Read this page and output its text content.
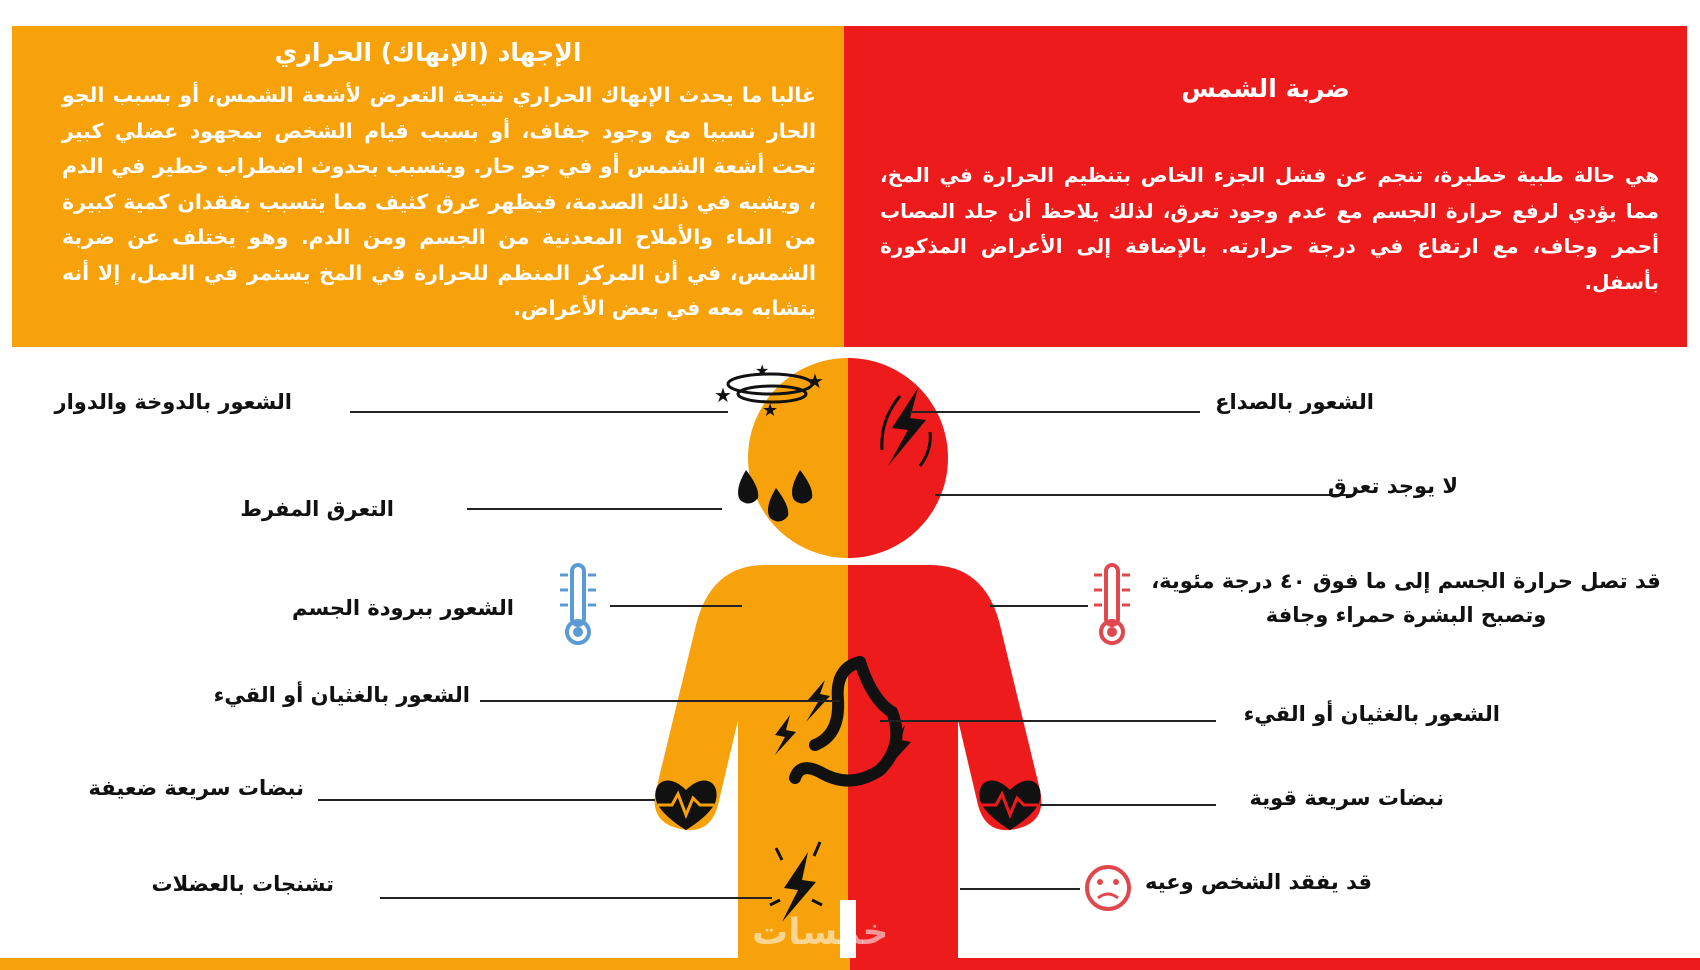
الإجهاد (الإنهاك) الحراري
غالبا ما يحدث الإنهاك الحراري نتيجة التعرض لأشعة الشمس، أو بسبب الجو الحار نسبيا مع وجود جفاف، أو بسبب قيام الشخص بمجهود عضلي كبير تحت أشعة الشمس أو في جو حار. ويتسبب بحدوث اضطراب خطير في الدم ، ويشبه في ذلك الصدمة، فيظهر عرق كثيف مما يتسبب بفقدان كمية كبيرة من الماء والأملاح المعدنية من الجسم ومن الدم. وهو يختلف عن ضربة الشمس، في أن المركز المنظم للحرارة في المخ يستمر في العمل، إلا أنه يتشابه معه في بعض الأعراض.
ضربة الشمس
هي حالة طبية خطيرة، تنجم عن فشل الجزء الخاص بتنظيم الحرارة في المخ، مما يؤدي لرفع حرارة الجسم مع عدم وجود تعرق، لذلك يلاحظ أن جلد المصاب أحمر وجاف، مع ارتفاع في درجة حرارته. بالإضافة إلى الأعراض المذكورة بأسفل.
★
★
★
★
الشعور بالدوخة والدوار
التعرق المفرط
الشعور ببرودة الجسم
الشعور بالغثيان أو القيء
نبضات سريعة ضعيفة
تشنجات بالعضلات
الشعور بالصداع
لا يوجد تعرق
قد تصل حرارة الجسم إلى ما فوق ٤٠ درجة مئوية،
وتصبح البشرة حمراء وجافة
الشعور بالغثيان أو القيء
نبضات سريعة قوية
قد يفقد الشخص وعيه
خمسات
